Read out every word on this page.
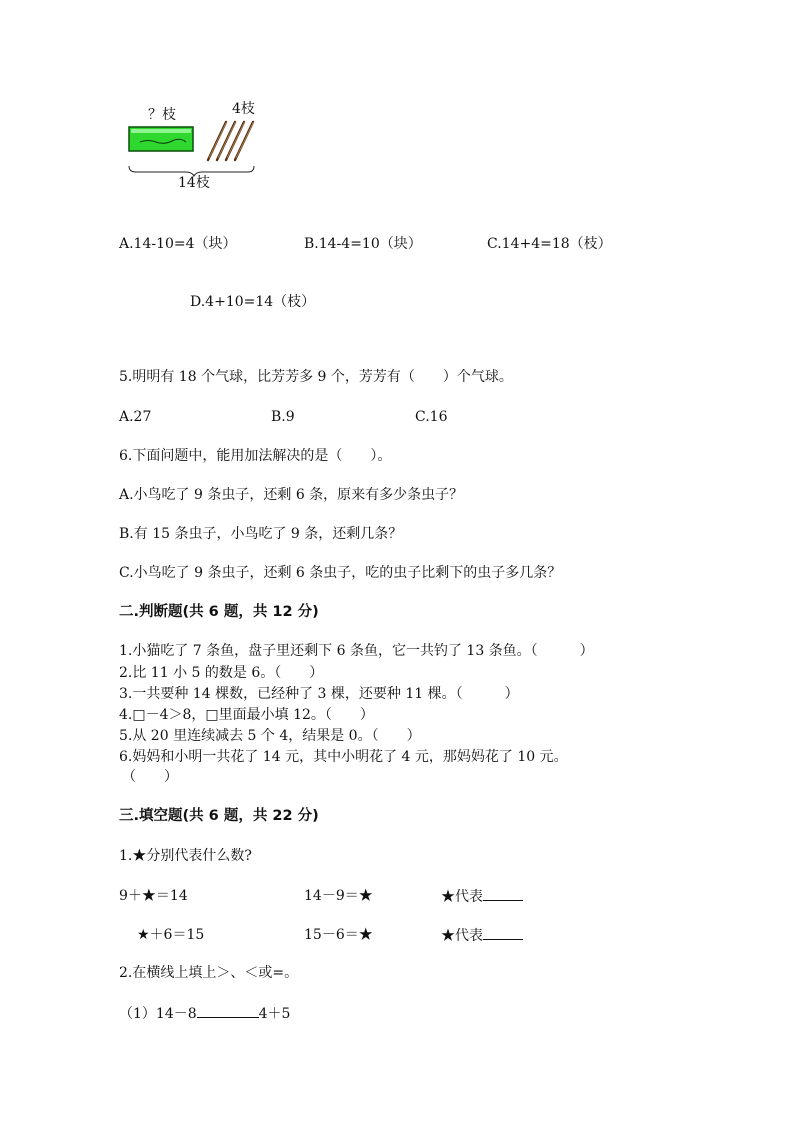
？枝	4枝
14枝
A.14-10=4（块）	B.14-4=10（块）	C.14+4=18（枝）
D.4+10=14（枝）
5.明明有 18 个气球，比芳芳多 9 个，芳芳有（　　）个气球。
A.27	B.9	C.16
6.下面问题中，能用加法解决的是（　　）。
A.小鸟吃了 9 条虫子，还剩 6 条，原来有多少条虫子？
B.有 15 条虫子，小鸟吃了 9 条，还剩几条？
C.小鸟吃了 9 条虫子，还剩 6 条虫子，吃的虫子比剩下的虫子多几条？
二.判断题(共 6 题，共 12 分)
1.小猫吃了 7 条鱼，盘子里还剩下 6 条鱼，它一共钓了 13 条鱼。（　　　）
2.比 11 小 5 的数是 6。（　　）
3.一共要种 14 棵数，已经种了 3 棵，还要种 11 棵。（　　　）
4.□－4＞8，□里面最小填 12。（　　）
5.从 20 里连续减去 5 个 4，结果是 0。（　　）
6.妈妈和小明一共花了 14 元，其中小明花了 4 元，那妈妈花了 10 元。
（　　）
三.填空题(共 6 题，共 22 分)
1.★分别代表什么数?
9＋★＝14	14－9＝★	★代表
★＋6＝15	15－6＝★	★代表
2.在横线上填上＞、＜或=。
（1）14－8	4＋5
